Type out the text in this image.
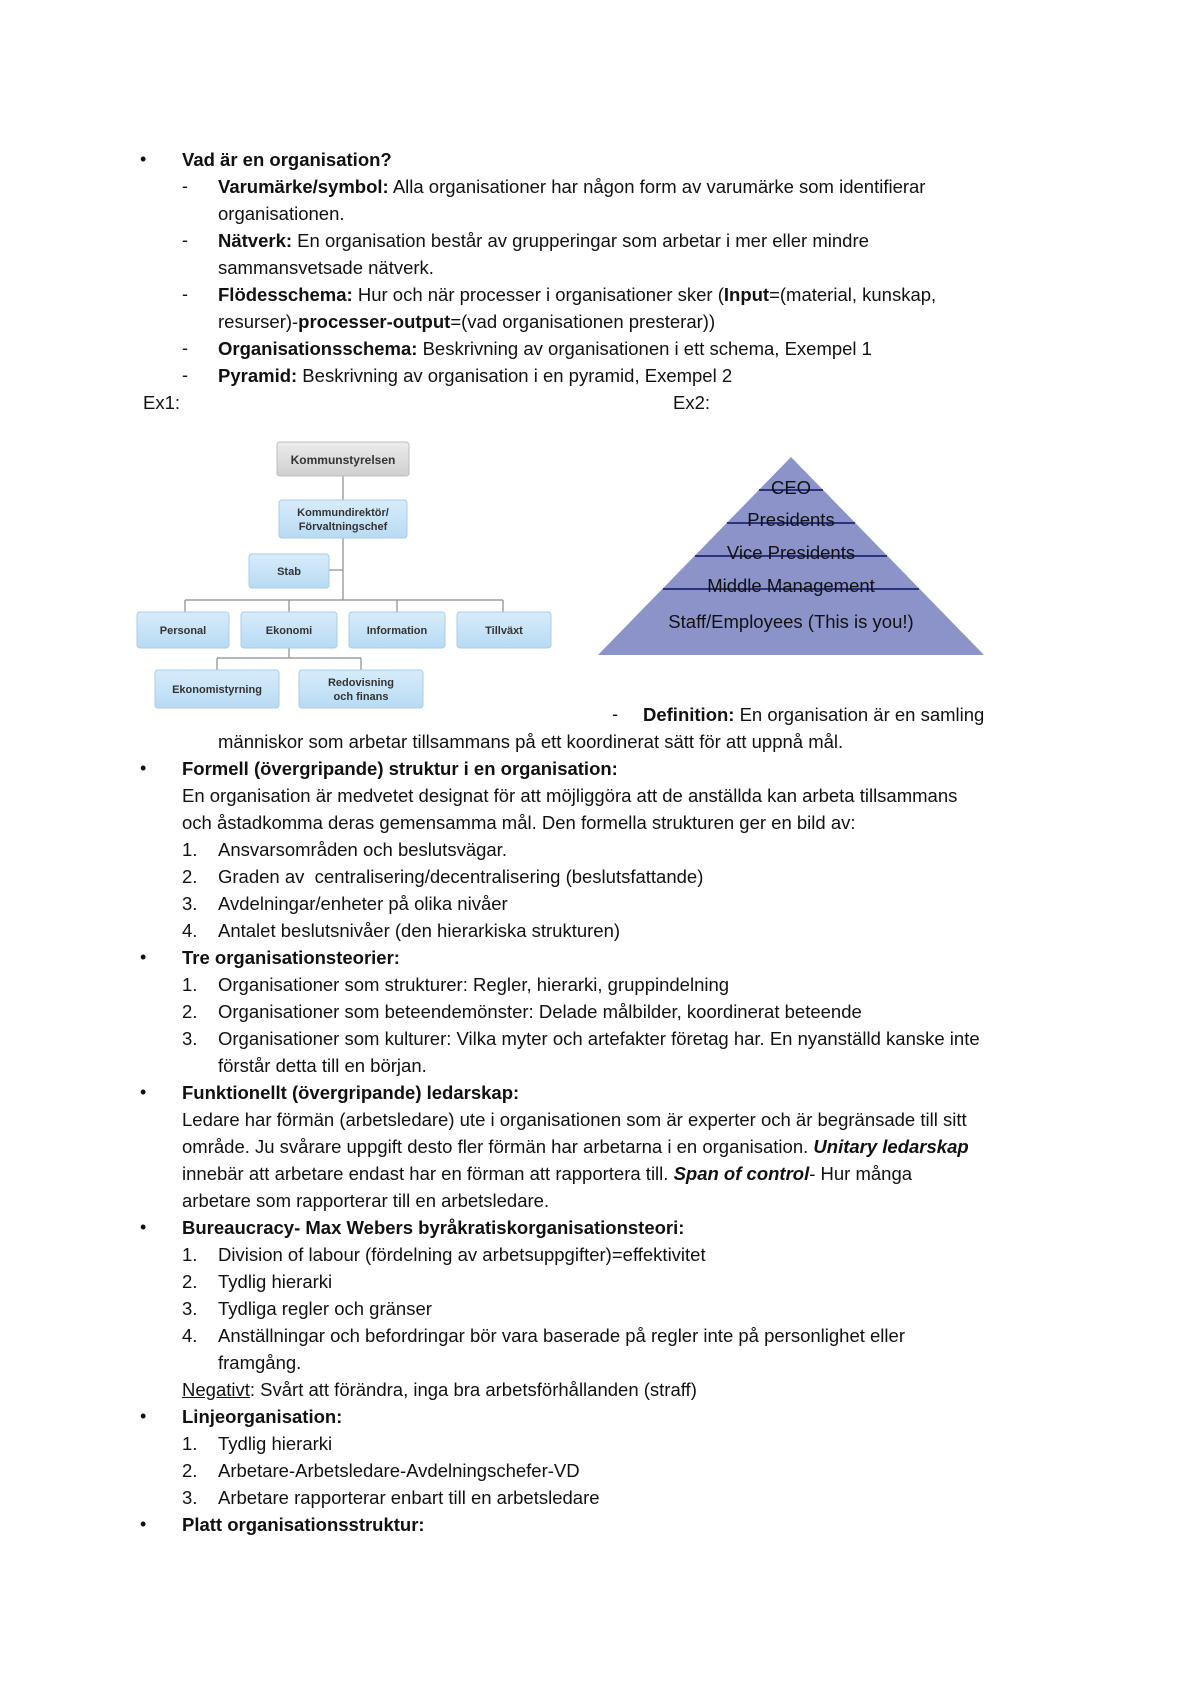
• Vad är en organisation?
- Varumärke/symbol: Alla organisationer har någon form av varumärke som identifierar
organisationen.
- Nätverk: En organisation består av grupperingar som arbetar i mer eller mindre
sammansvetsade nätverk.
- Flödesschema: Hur och när processer i organisationer sker (Input=(material, kunskap,
resurser)-processer-output=(vad organisationen presterar))
- Organisationsschema: Beskrivning av organisationen i ett schema, Exempel 1
- Pyramid: Beskrivning av organisation i en pyramid, Exempel 2
Ex1:	Ex2:
Kommunstyrelsen
Kommundirektör/
Förvaltningschef
Stab
Personal	Ekonomi	Information	Tillväxt
Ekonomistyrning
Redovisning
och finans
CEO
Presidents
Vice Presidents
Middle Management
Staff/Employees (This is you!)
- Definition: En organisation är en samling
människor som arbetar tillsammans på ett koordinerat sätt för att uppnå mål.
• Formell (övergripande) struktur i en organisation:
En organisation är medvetet designat för att möjliggöra att de anställda kan arbeta tillsammans
och åstadkomma deras gemensamma mål. Den formella strukturen ger en bild av:
1. Ansvarsområden och beslutsvägar.
2. Graden av  centralisering/decentralisering (beslutsfattande)
3. Avdelningar/enheter på olika nivåer
4. Antalet beslutsnivåer (den hierarkiska strukturen)
• Tre organisationsteorier:
1. Organisationer som strukturer: Regler, hierarki, gruppindelning
2. Organisationer som beteendemönster: Delade målbilder, koordinerat beteende
3. Organisationer som kulturer: Vilka myter och artefakter företag har. En nyanställd kanske inte
förstår detta till en början.
• Funktionellt (övergripande) ledarskap:
Ledare har förmän (arbetsledare) ute i organisationen som är experter och är begränsade till sitt
område. Ju svårare uppgift desto fler förmän har arbetarna i en organisation. Unitary ledarskap
innebär att arbetare endast har en förman att rapportera till. Span of control- Hur många
arbetare som rapporterar till en arbetsledare.
• Bureaucracy- Max Webers byråkratiskorganisationsteori:
1. Division of labour (fördelning av arbetsuppgifter)=effektivitet
2. Tydlig hierarki
3. Tydliga regler och gränser
4. Anställningar och befordringar bör vara baserade på regler inte på personlighet eller
framgång.
Negativt: Svårt att förändra, inga bra arbetsförhållanden (straff)
• Linjeorganisation:
1. Tydlig hierarki
2. Arbetare-Arbetsledare-Avdelningschefer-VD
3. Arbetare rapporterar enbart till en arbetsledare
• Platt organisationsstruktur:
